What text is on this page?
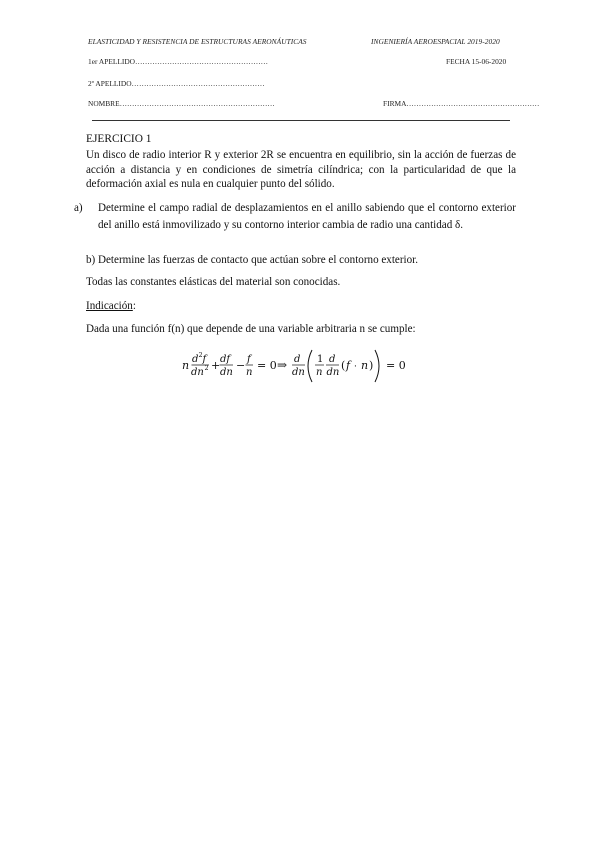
ELASTICIDAD Y RESISTENCIA DE ESTRUCTURAS AERONÁUTICAS	INGENIERÍA AEROESPACIAL 2019-2020
1er APELLIDO………………………………………………	FECHA 15-06-2020
2º APELLIDO………………………………………………
NOMBRE………………………………………………………	FIRMA………………………………………………
EJERCICIO 1
Un disco de radio interior R y exterior 2R se encuentra en equilibrio, sin la acción de fuerzas de acción a distancia y en condiciones de simetría cilíndrica; con la particularidad de que la deformación axial es nula en cualquier punto del sólido.
a) Determine el campo radial de desplazamientos en el anillo sabiendo que el contorno exterior del anillo está inmovilizado y su contorno interior cambia de radio una cantidad δ.
b) Determine las fuerzas de contacto que actúan sobre el contorno exterior.
Todas las constantes elásticas del material son conocidas.
Indicación:
Dada una función f(n) que depende de una variable arbitraria n se cumple:
n d 2 f
dn 2 + df
dn
− f
n
= 0 ⇒ d
dn
1
n
d
dn
( f · n ) = 0
